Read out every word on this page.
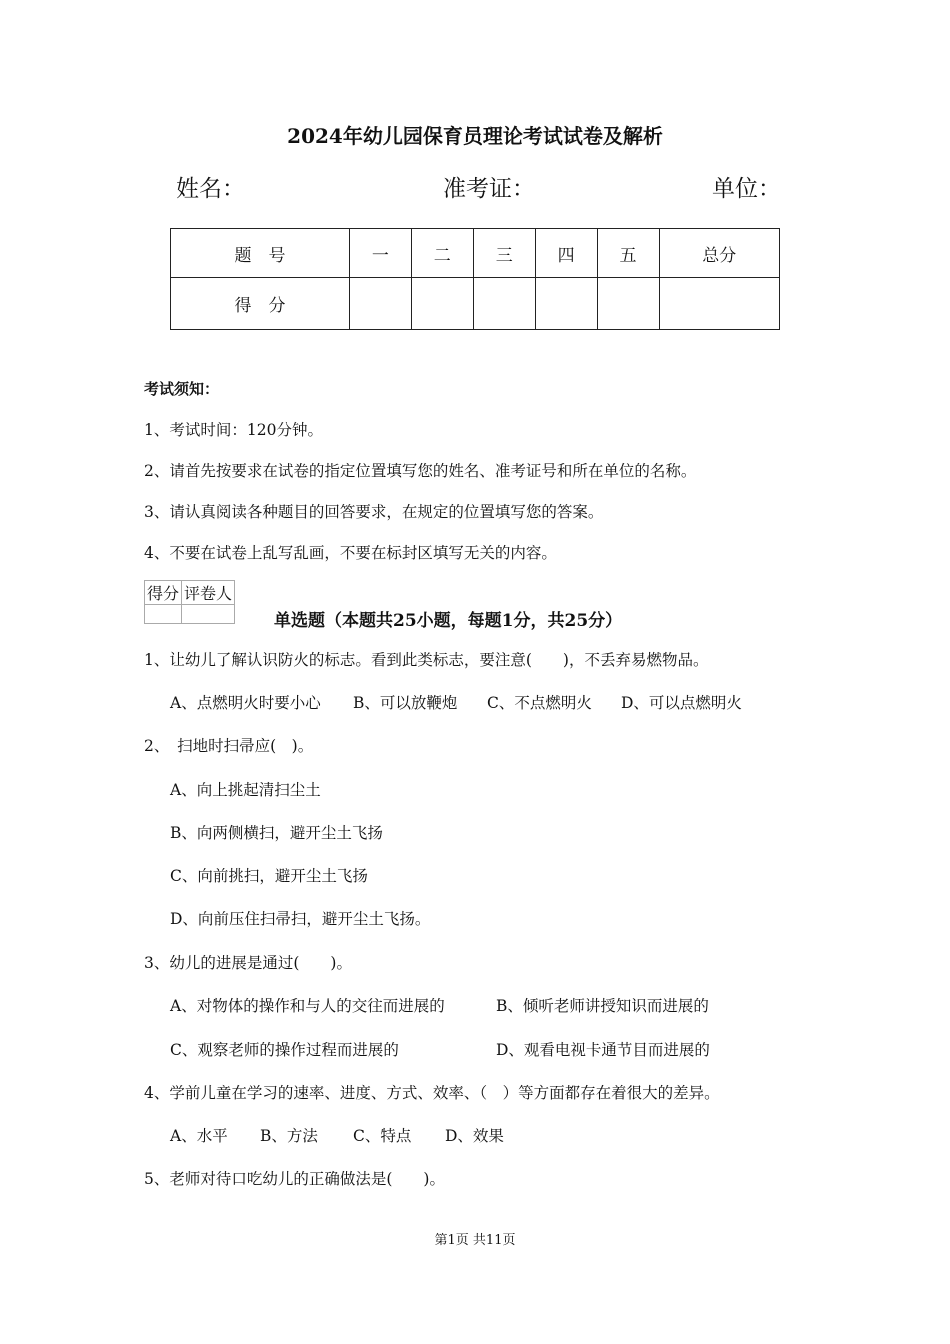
2024年幼儿园保育员理论考试试卷及解析
姓名：	准考证：	单位：
题　号	一	二	三	四	五	总分
得　分						
考试须知：
1、考试时间：120分钟。
2、请首先按要求在试卷的指定位置填写您的姓名、准考证号和所在单位的名称。
3、请认真阅读各种题目的回答要求，在规定的位置填写您的答案。
4、不要在试卷上乱写乱画，不要在标封区填写无关的内容。
得分	评卷人

单选题（本题共25小题，每题1分，共25分）
1、让幼儿了解认识防火的标志。看到此类标志，要注意(　　)，不丢弃易燃物品。
A、点燃明火时要小心 B、可以放鞭炮 C、不点燃明火 D、可以点燃明火
2、　扫地时扫帚应(　)。
A、向上挑起清扫尘土
B、向两侧横扫，避开尘土飞扬
C、向前挑扫，避开尘土飞扬
D、向前压住扫帚扫，避开尘土飞扬。
3、幼儿的进展是通过(　　)。
A、对物体的操作和与人的交往而进展的	B、倾听老师讲授知识而进展的
C、观察老师的操作过程而进展的	D、观看电视卡通节目而进展的
4、学前儿童在学习的速率、进度、方式、效率、（　）等方面都存在着很大的差异。
A、水平 B、方法 C、特点 D、效果
5、老师对待口吃幼儿的正确做法是(　　)。
第1页 共11页
